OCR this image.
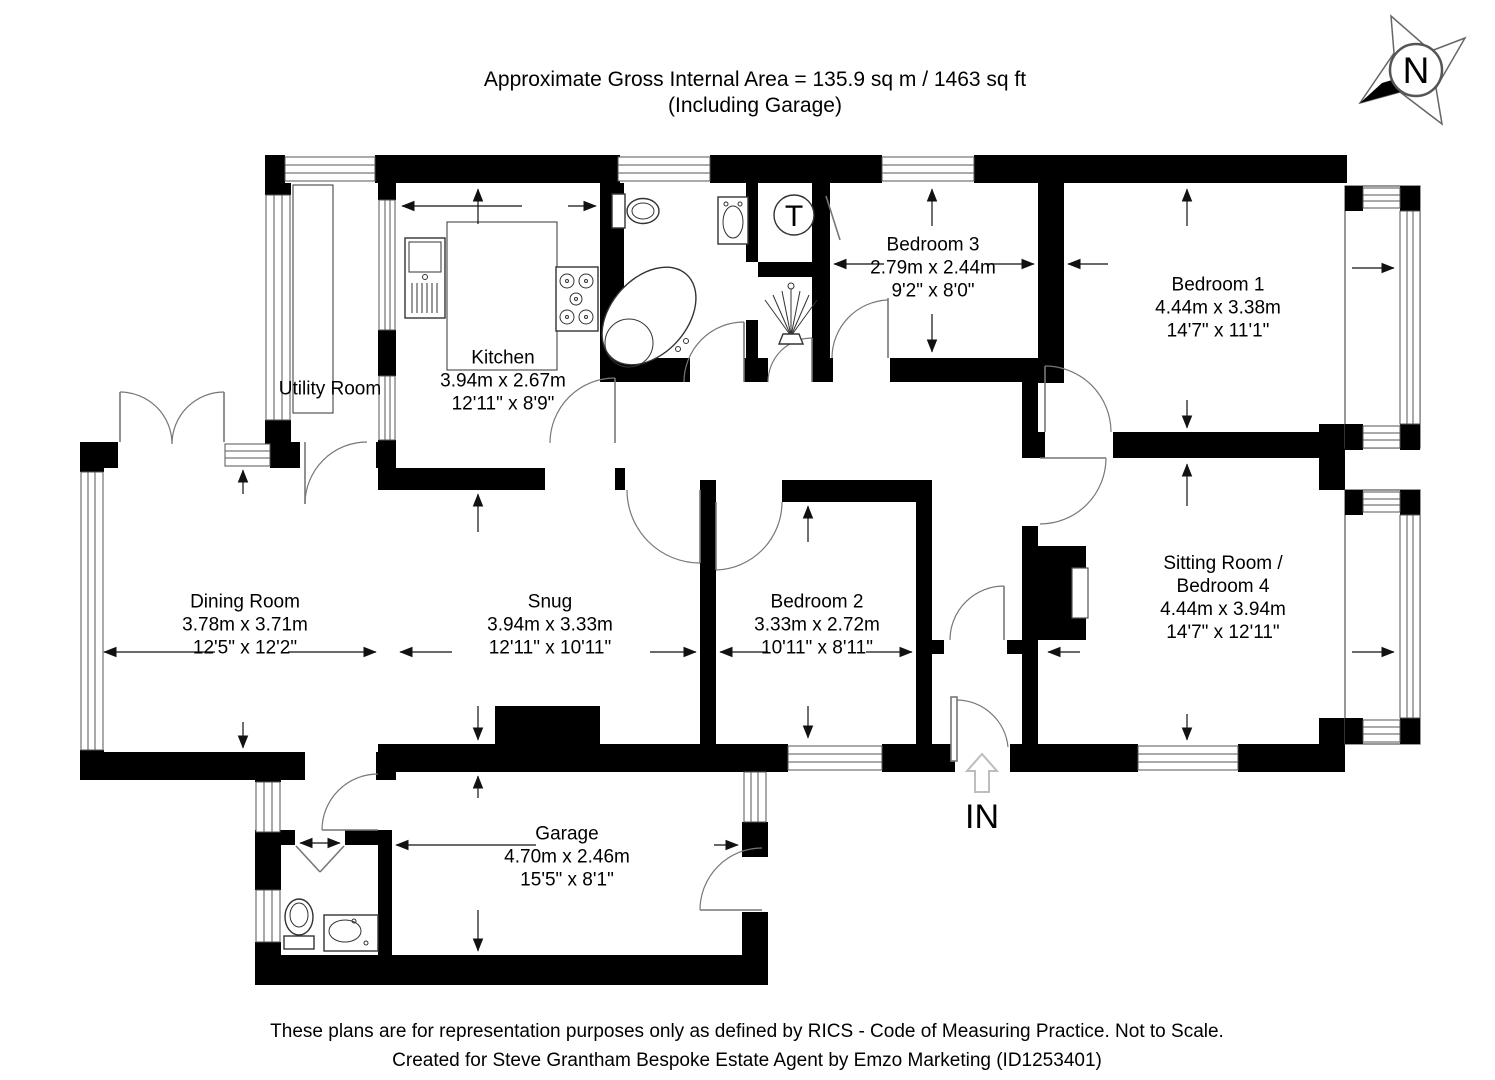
T
IN
N
Approximate Gross Internal Area = 135.9 sq m / 1463 sq ft
(Including Garage)
Utility Room
Kitchen
3.94m x 2.67m
12'11" x 8'9"
Bedroom 3
2.79m x 2.44m
9'2" x 8'0"	Bedroom 1
4.44m x 3.38m
14'7" x 11'1"
Dining Room
3.78m x 3.71m
12'5" x 12'2"
Snug
3.94m x 3.33m
12'11" x 10'11"
Bedroom 2
3.33m x 2.72m
10'11" x 8'11"
Sitting Room /
Bedroom 4
4.44m x 3.94m
14'7" x 12'11"
Garage
4.70m x 2.46m
15'5" x 8'1"
These plans are for representation purposes only as defined by RICS - Code of Measuring Practice. Not to Scale.
Created for Steve Grantham Bespoke Estate Agent by Emzo Marketing (ID1253401)
